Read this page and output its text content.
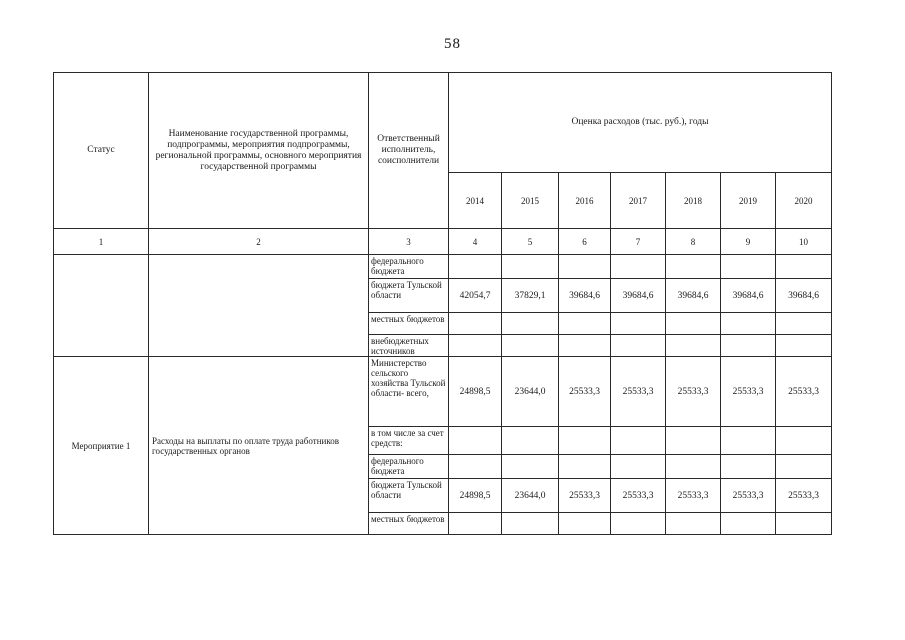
58
Статус	Наименование государственной программы, подпрограммы, мероприятия подпрограммы, региональной программы, основного мероприятия государственной программы	Ответственный исполнитель, соисполнители	Оценка расходов (тыс. руб.), годы						
			2014	2015	2016	2017	2018	2019	2020
1	2	3	4	5	6	7	8	9	10
		федерального бюджета							
		бюджета Тульской области	42054,7	37829,1	39684,6	39684,6	39684,6	39684,6	39684,6
		местных бюджетов							
		внебюджетных источников							
Мероприятие 1	Расходы на выплаты по оплате труда работников государственных органов	Министерство сельского хозяйства Тульской области- всего,	24898,5	23644,0	25533,3	25533,3	25533,3	25533,3	25533,3
		в том числе за счет средств:							
		федерального бюджета							
		бюджета Тульской области	24898,5	23644,0	25533,3	25533,3	25533,3	25533,3	25533,3
		местных бюджетов							
